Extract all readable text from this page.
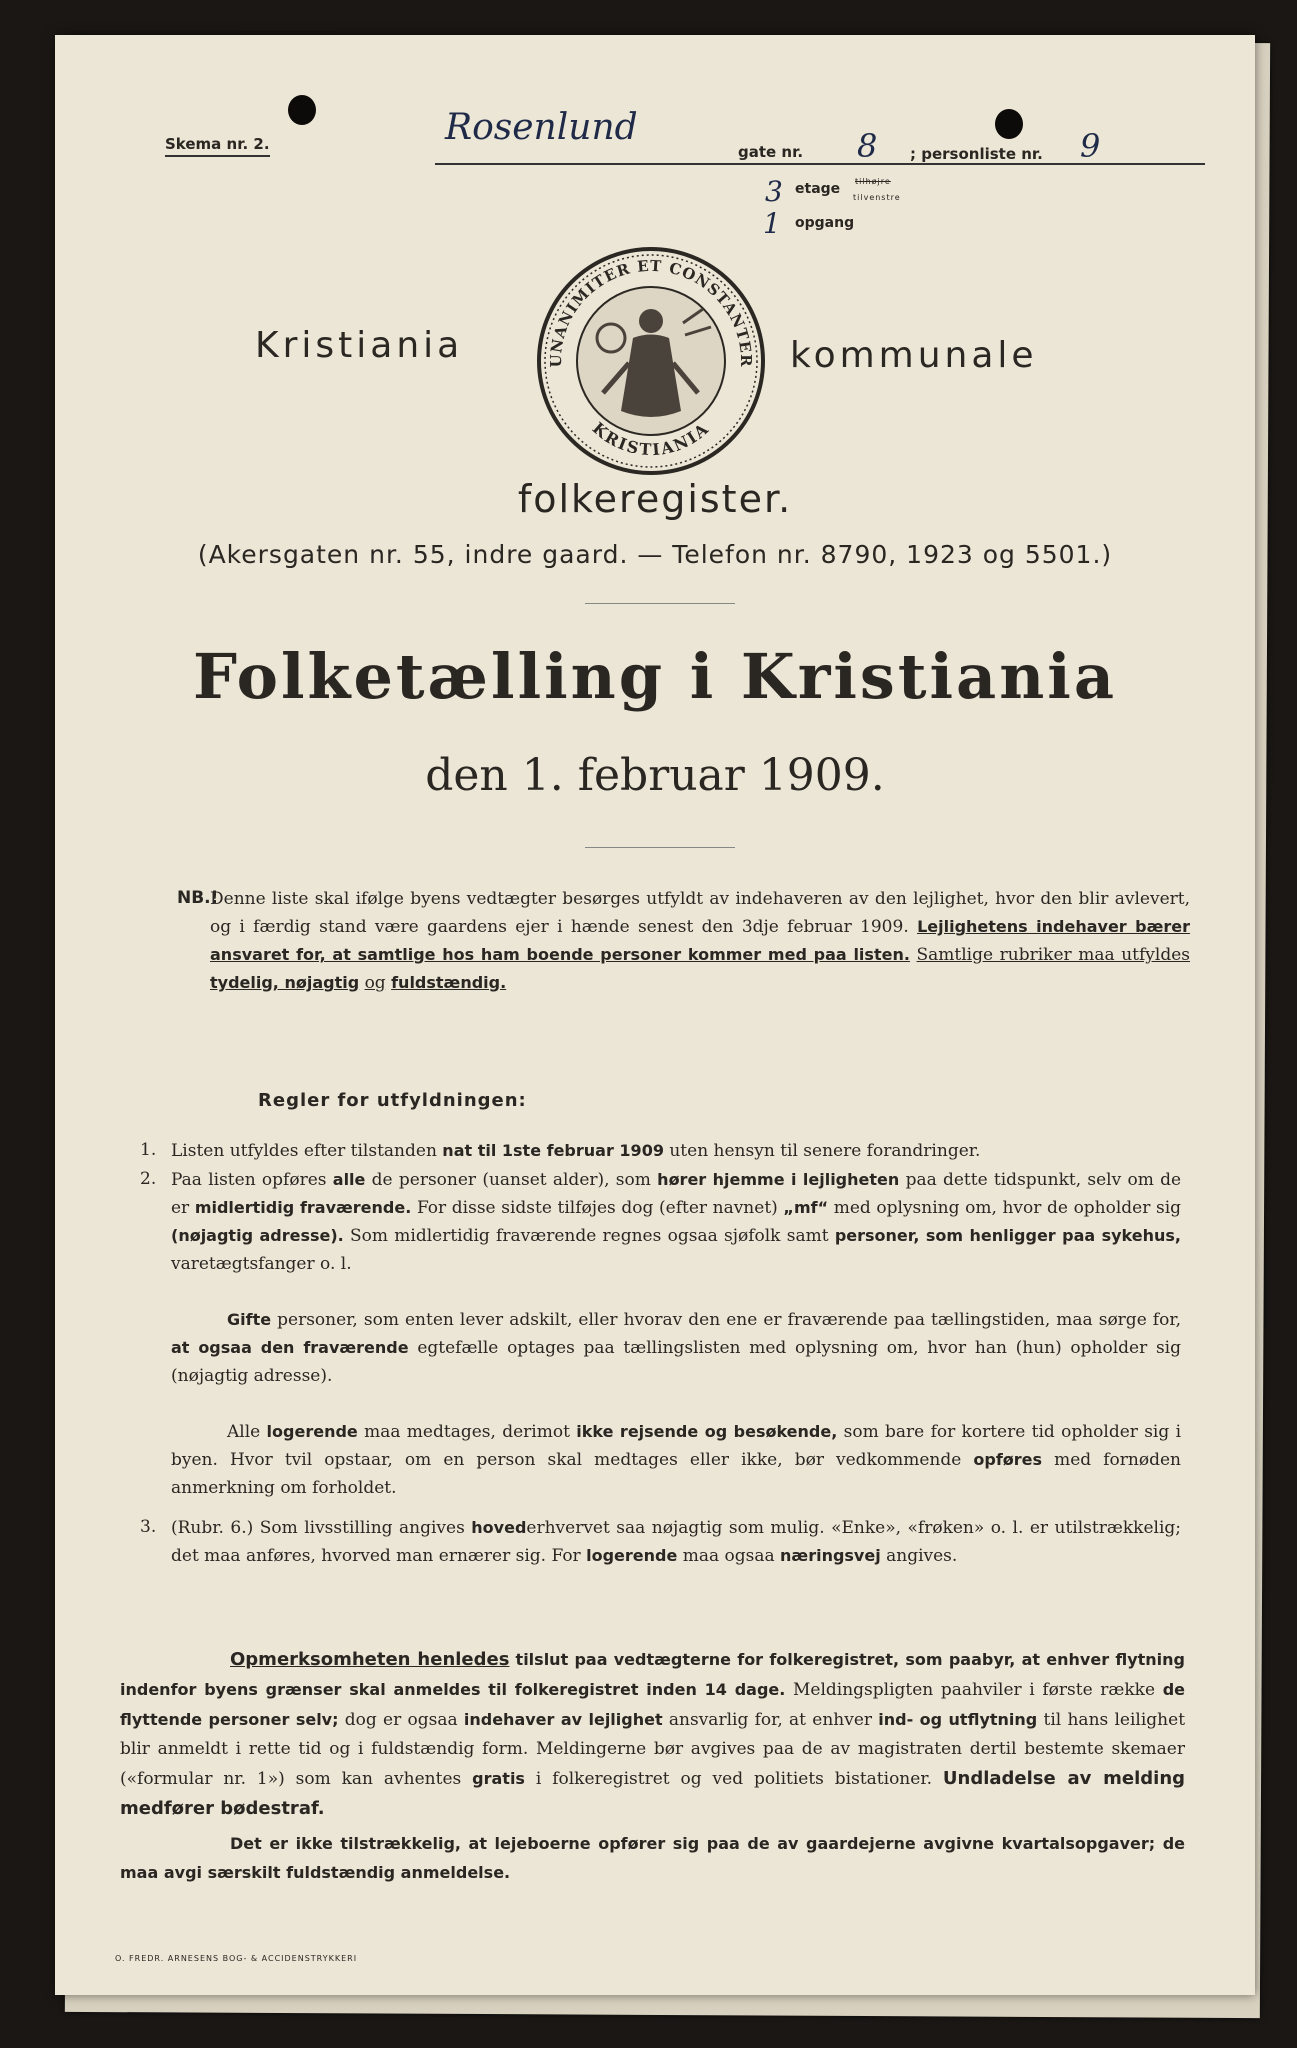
Skema nr. 2.	Rosenlund
gate nr. 8 ; personliste nr. 9
3 etage tilhøjre
tilvenstre
1 opgang
Kristiania	kommunale
UNANIMITER ET CONSTANTER
KRISTIANIA
folkeregister.
(Akersgaten nr. 55, indre gaard. — Telefon nr. 8790, 1923 og 5501.)
Folketælling i Kristiania
den 1. februar 1909.
NB.!
Denne liste skal ifølge byens vedtægter besørges utfyldt av indehaveren av den lejlighet, hvor den blir avlevert, og i færdig stand være gaardens ejer i hænde senest den 3dje februar 1909. Lejlighetens indehaver bærer ansvaret for, at samtlige hos ham boende personer kommer med paa listen. Samtlige rubriker maa utfyldes tydelig, nøjagtig og fuldstændig.
Regler for utfyldningen:
1. Listen utfyldes efter tilstanden nat til 1ste februar 1909 uten hensyn til senere forandringer.
2. Paa listen opføres alle de personer (uanset alder), som hører hjemme i lejligheten paa dette tidspunkt, selv om de er midlertidig fraværende. For disse sidste tilføjes dog (efter navnet) „mf“ med oplysning om, hvor de opholder sig (nøjagtig adresse). Som midlertidig fraværende regnes ogsaa sjøfolk samt personer, som henligger paa sykehus, varetægtsfanger o. l.
Gifte personer, som enten lever adskilt, eller hvorav den ene er fraværende paa tællingstiden, maa sørge for, at ogsaa den fraværende egtefælle optages paa tællingslisten med oplysning om, hvor han (hun) opholder sig (nøjagtig adresse).
Alle logerende maa medtages, derimot ikke rejsende og besøkende, som bare for kortere tid opholder sig i byen. Hvor tvil opstaar, om en person skal medtages eller ikke, bør vedkommende opføres med fornøden anmerkning om forholdet.
3. (Rubr. 6.) Som livsstilling angives hovederhvervet saa nøjagtig som mulig. «Enke», «frøken» o. l. er utilstrækkelig; det maa anføres, hvorved man ernærer sig. For logerende maa ogsaa næringsvej angives.
Opmerksomheten henledes tilslut paa vedtægterne for folkeregistret, som paabyr, at enhver flytning indenfor byens grænser skal anmeldes til folkeregistret inden 14 dage. Meldingspligten paahviler i første række de flyttende personer selv; dog er ogsaa indehaver av lejlighet ansvarlig for, at enhver ind- og utflytning til hans leilighet blir anmeldt i rette tid og i fuldstændig form. Meldingerne bør avgives paa de av magistraten dertil bestemte skemaer («formular nr. 1») som kan avhentes gratis i folkeregistret og ved politiets bistationer. Undladelse av melding medfører bødestraf.
Det er ikke tilstrækkelig, at lejeboerne opfører sig paa de av gaardejerne avgivne kvartalsopgaver; de maa avgi særskilt fuldstændig anmeldelse.
O. FREDR. ARNESENS BOG- & ACCIDENSTRYKKERI
